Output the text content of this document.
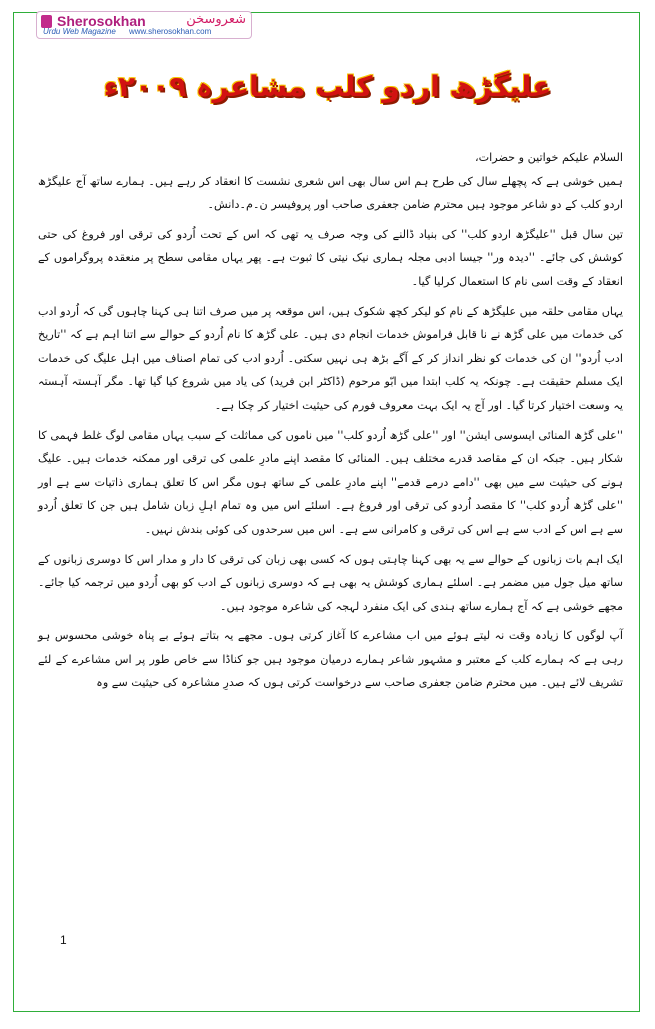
Sherosokhan	شعروسخن
Urdu Web Magazine www.sherosokhan.com
علیگڑھ اردو کلب مشاعرہ ۲۰۰۹ء

السلام علیکم خواتین و حضرات،

ہمیں خوشی ہے کہ پچھلے سال کی طرح ہم اس سال بھی اس شعری نشست کا انعقاد کر رہے ہیں۔ ہمارے ساتھ آج علیگڑھ اردو کلب کے دو شاعر موجود ہیں محترم ضامن جعفری صاحب اور پروفیسر ن۔م۔دانش۔

تین سال قبل ''علیگڑھ اردو کلب'' کی بنیاد ڈالنے کی وجہ صرف یہ تھی کہ اس کے تحت اُردو کی ترقی اور فروغ کی حتی کوشش کی جائے۔ ''دیدہ ور'' جیسا ادبی مجلہ ہماری نیک نیتی کا ثبوت ہے۔ پھر یہاں مقامی سطح پر منعقدہ پروگراموں کے انعقاد کے وقت اسی نام کا استعمال کرلیا گیا۔

یہاں مقامی حلقہ میں علیگڑھ کے نام کو لیکر کچھ شکوک ہیں، اس موقعہ پر میں صرف اتنا ہی کہنا چاہوں گی کہ اُردو ادب کی خدمات میں علی گڑھ نے نا قابل فراموش خدمات انجام دی ہیں۔ علی گڑھ کا نام اُردو کے حوالے سے اتنا اہم ہے کہ ''تاریخ ادب اُردو'' ان کی خدمات کو نظر انداز کر کے آگے بڑھ ہی نہیں سکتی۔ اُردو ادب کی تمام اصناف میں اہل علیگ کی خدمات ایک مسلم حقیقت ہے۔ چونکہ یہ کلب ابتدا میں ابّو مرحوم (ڈاکٹر ابن فرید) کی یاد میں شروع کیا گیا تھا۔ مگر آہستہ آہستہ یہ وسعت اختیار کرتا گیا۔ اور آج یہ ایک بہت معروف فورم کی حیثیت اختیار کر چکا ہے۔

''علی گڑھ المنائی ایسوسی ایشن'' اور ''علی گڑھ اُردو کلب'' میں ناموں کی مماثلت کے سبب یہاں مقامی لوگ غلط فہمی کا شکار ہیں۔ جبکہ ان کے مقاصد قدرے مختلف ہیں۔ المنائی کا مقصد اپنے مادرِ علمی کی ترقی اور ممکنہ خدمات ہیں۔ علیگ ہونے کی حیثیت سے میں بھی ''دامے درمے قدمے'' اپنے مادرِ علمی کے ساتھ ہوں مگر اس کا تعلق ہماری ذاتیات سے ہے اور ''علی گڑھ اُردو کلب'' کا مقصد اُردو کی ترقی اور فروغ ہے۔ اسلئے اس میں وہ تمام اہلِ زبان شامل ہیں جن کا تعلق اُردو سے ہے اس کے ادب سے ہے اس کی ترقی و کامرانی سے ہے۔ اس میں سرحدوں کی کوئی بندش نہیں۔

ایک اہم بات زبانوں کے حوالے سے یہ بھی کہنا چاہتی ہوں کہ کسی بھی زبان کی ترقی کا دار و مدار اس کا دوسری زبانوں کے ساتھ میل جول میں مضمر ہے۔ اسلئے ہماری کوشش یہ بھی ہے کہ دوسری زبانوں کے ادب کو بھی اُردو میں ترجمہ کیا جائے۔ مجھے خوشی ہے کہ آج ہمارے ساتھ ہندی کی ایک منفرد لہجہ کی شاعرہ موجود ہیں۔

آپ لوگوں کا زیادہ وقت نہ لیتے ہوئے میں اب مشاعرے کا آغاز کرتی ہوں۔ مجھے یہ بتاتے ہوئے بے پناہ خوشی محسوس ہو رہی ہے کہ ہمارے کلب کے معتبر و مشہور شاعر ہمارے درمیان موجود ہیں جو کناڈا سے خاص طور پر اس مشاعرے کے لئے تشریف لائے ہیں۔ میں محترم ضامن جعفری صاحب سے درخواست کرتی ہوں کہ صدرِ مشاعرہ کی حیثیت سے وہ

1
